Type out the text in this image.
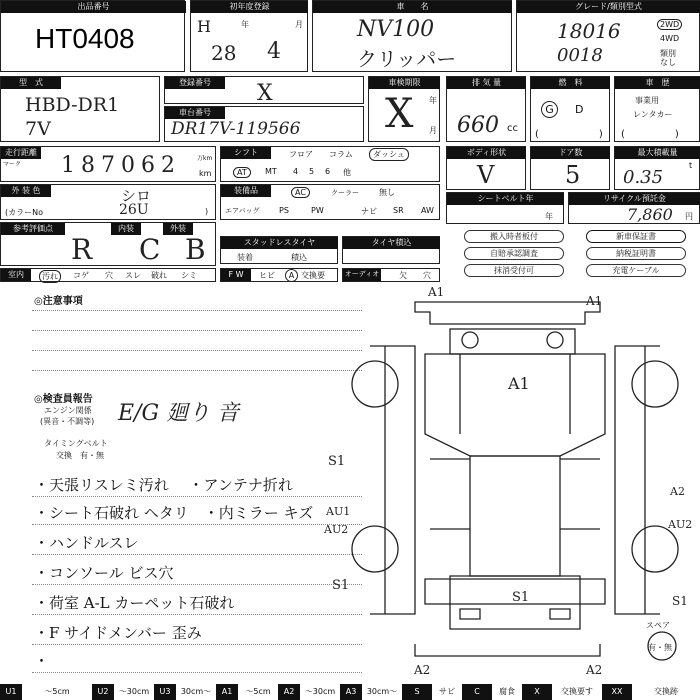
出品番号
HT0408
初年度登録
H	年	月
28 4
車　　名
NV100
クリッパー
グレード/類別型式
18016
0018
2WD
4WD
類別なし
型　式
HBD-DR17V
登録番号	X
車台番号
DR17V-119566
車検期限
X 年
月
排 気 量
660 cc
燃　料
G	D
(　　　　　　)
車　歴
事業用
レンタカー
(　　　　　)
走行距離
マーク 187062	万km
km
シフト	フロア コラム	ダッシュ
AT	MT 4 5 6 他
ボディ形状
V
ドア数
5
最大積載量
0.35
t
外 装 色	シロ
(カラーNo	26U	)
装備品	AC	クーラー	無し
エアバッグ PS	PW	ナビ SR AW
シートベルト年
年
リサイクル預託金
7,860 円
参考評価点	内装	外装
R C B	スタッドレスタイヤ
装着	積込
タイヤ積込
搬入時者板付	新車保証書
自賠承認調査	納税証明書
抹消受付可	充電ケーブル
室内	汚れ	コゲ 穴 スレ 破れ シミ	F W	ヒビ	A 交換要	オーディオ 欠 穴
◎注意事項
◎検査員報告
エンジン関係
(異音・不調等) E/G 廻り 音
タイミングベルト
交換　有・無
・天張リスレミ汚れ 　・アンテナ折れ
・シート石破れ ヘタリ　・内ミラー キズ
・ハンドルスレ
・コンソール ビス穴
・荷室 A-L カーペット石破れ
・F サイドメンバー 歪み
・
A1
A1
A1
S1
AU1
AU2
S1
S1
A2
AU2
S1
A2	A2
スペア
有・無
U1	〜5cm	U2	〜30cm	U3	30cm〜	A1	〜5cm	A2	〜30cm	A3	30cm〜	S	サビ	C	腐食	X	交換要す	XX	交換跡
